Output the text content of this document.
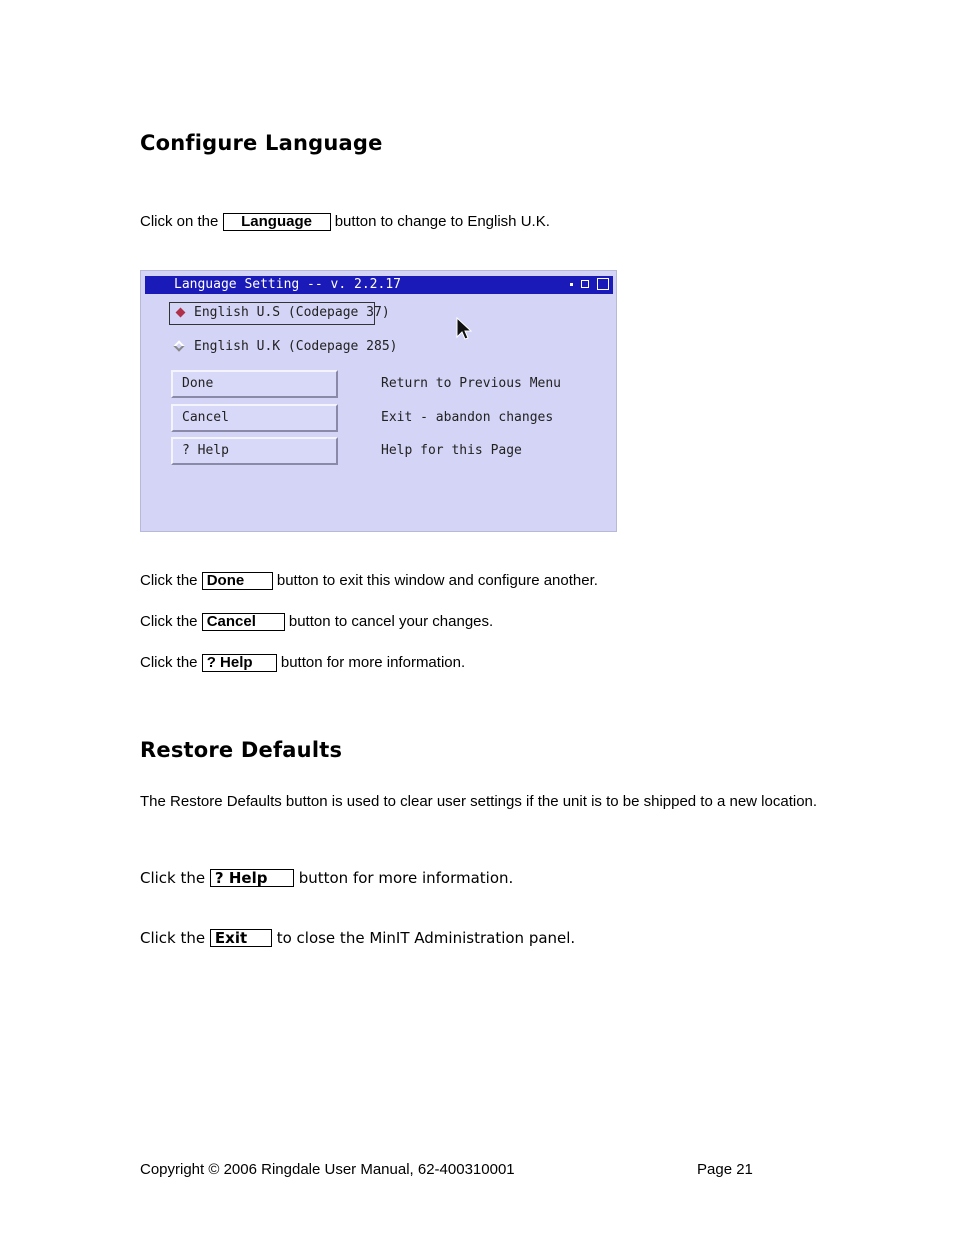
Configure Language
Click on the Language button to change to English U.K.
Language Setting -- v. 2.2.17
English U.S (Codepage 37)
English U.K (Codepage 285)
Done	Return to Previous Menu
Cancel	Exit - abandon changes
? Help	Help for this Page
Click the Done button to exit this window and configure another.
Click the Cancel button to cancel your changes.
Click the ? Help button for more information.
Restore Defaults
The Restore Defaults button is used to clear user settings if the unit is to be shipped to a new location.
Click the ? Help button for more information.
Click the Exit to close the MinIT Administration panel.
Copyright © 2006 Ringdale User Manual, 62-400310001	Page 21
